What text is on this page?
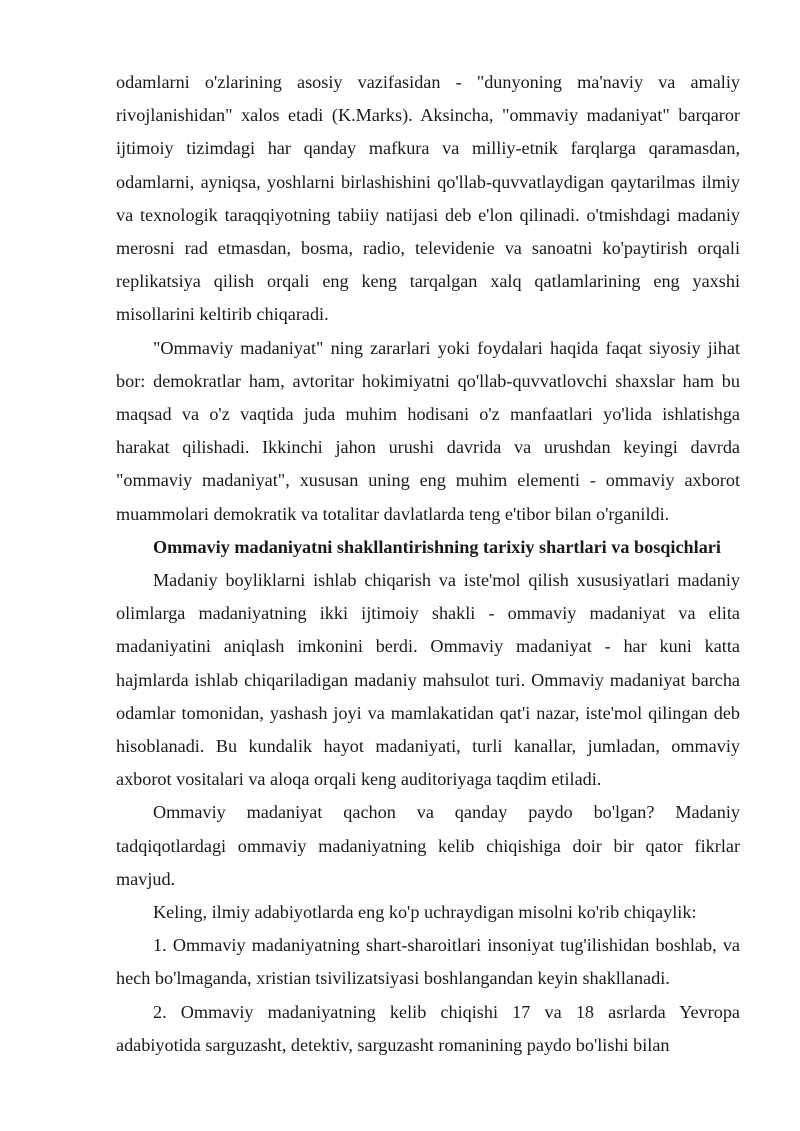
odamlarni o'zlarining asosiy vazifasidan - "dunyoning ma'naviy va amaliy rivojlanishidan" xalos etadi (K.Marks). Aksincha, "ommaviy madaniyat" barqaror ijtimoiy tizimdagi har qanday mafkura va milliy-etnik farqlarga qaramasdan, odamlarni, ayniqsa, yoshlarni birlashishini qo'llab-quvvatlaydigan qaytarilmas ilmiy va texnologik taraqqiyotning tabiiy natijasi deb e'lon qilinadi. o'tmishdagi madaniy merosni rad etmasdan, bosma, radio, televidenie va sanoatni ko'paytirish orqali replikatsiya qilish orqali eng keng tarqalgan xalq qatlamlarining eng yaxshi misollarini keltirib chiqaradi.

"Ommaviy madaniyat" ning zararlari yoki foydalari haqida faqat siyosiy jihat bor: demokratlar ham, avtoritar hokimiyatni qo'llab-quvvatlovchi shaxslar ham bu maqsad va o'z vaqtida juda muhim hodisani o'z manfaatlari yo'lida ishlatishga harakat qilishadi. Ikkinchi jahon urushi davrida va urushdan keyingi davrda "ommaviy madaniyat", xususan uning eng muhim elementi - ommaviy axborot muammolari demokratik va totalitar davlatlarda teng e'tibor bilan o'rganildi.

Ommaviy madaniyatni shakllantirishning tarixiy shartlari va bosqichlari

Madaniy boyliklarni ishlab chiqarish va iste'mol qilish xususiyatlari madaniy olimlarga madaniyatning ikki ijtimoiy shakli - ommaviy madaniyat va elita madaniyatini aniqlash imkonini berdi. Ommaviy madaniyat - har kuni katta hajmlarda ishlab chiqariladigan madaniy mahsulot turi. Ommaviy madaniyat barcha odamlar tomonidan, yashash joyi va mamlakatidan qat'i nazar, iste'mol qilingan deb hisoblanadi. Bu kundalik hayot madaniyati, turli kanallar, jumladan, ommaviy axborot vositalari va aloqa orqali keng auditoriyaga taqdim etiladi.

Ommaviy madaniyat qachon va qanday paydo bo'lgan? Madaniy tadqiqotlardagi ommaviy madaniyatning kelib chiqishiga doir bir qator fikrlar mavjud.

Keling, ilmiy adabiyotlarda eng ko'p uchraydigan misolni ko'rib chiqaylik:

1. Ommaviy madaniyatning shart-sharoitlari insoniyat tug'ilishidan boshlab, va hech bo'lmaganda, xristian tsivilizatsiyasi boshlangandan keyin shakllanadi.

2. Ommaviy madaniyatning kelib chiqishi 17 va 18 asrlarda Yevropa adabiyotida sarguzasht, detektiv, sarguzasht romanining paydo bo'lishi bilan
